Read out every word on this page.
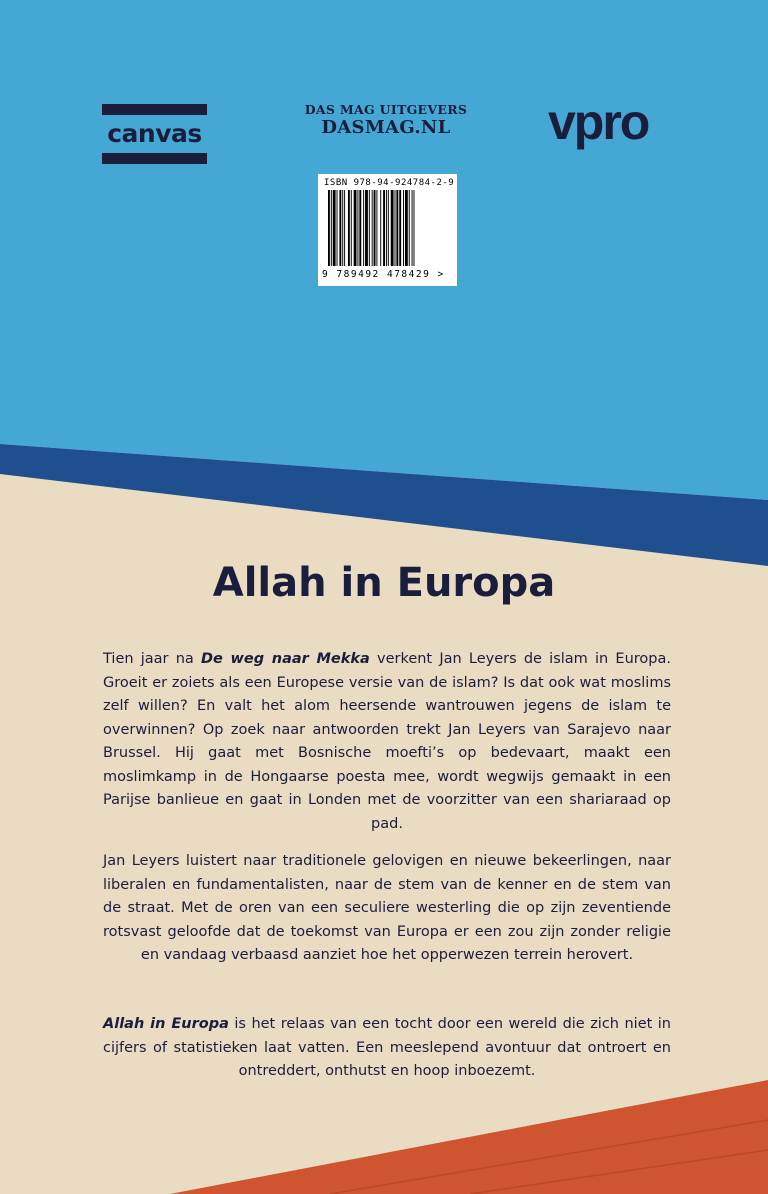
canvas
DAS MAG UITGEVERS
DASMAG.NL	vpro
ISBN 978-94-924784-2-9
9 789492 478429 >
Allah in Europa

Tien jaar na De weg naar Mekka verkent Jan Leyers de islam in Europa. Groeit er zoiets als een Europese versie van de islam? Is dat ook wat moslims zelf willen? En valt het alom heersende wantrouwen jegens de islam te overwinnen? Op zoek naar antwoorden trekt Jan Leyers van Sarajevo naar Brussel. Hij gaat met Bosnische moefti’s op bedevaart, maakt een moslimkamp in de Hongaarse poesta mee, wordt wegwijs gemaakt in een Parijse banlieue en gaat in Londen met de voorzitter van een shariaraad op pad.

Jan Leyers luistert naar traditionele gelovigen en nieuwe bekeerlingen, naar liberalen en fundamentalisten, naar de stem van de kenner en de stem van de straat. Met de oren van een seculiere westerling die op zijn zeventiende rotsvast geloofde dat de toekomst van Europa er een zou zijn zonder religie en vandaag verbaasd aanziet hoe het opperwezen terrein herovert.

Allah in Europa is het relaas van een tocht door een wereld die zich niet in cijfers of statistieken laat vatten. Een meeslepend avontuur dat ontroert en ontreddert, onthutst en hoop inboezemt.
